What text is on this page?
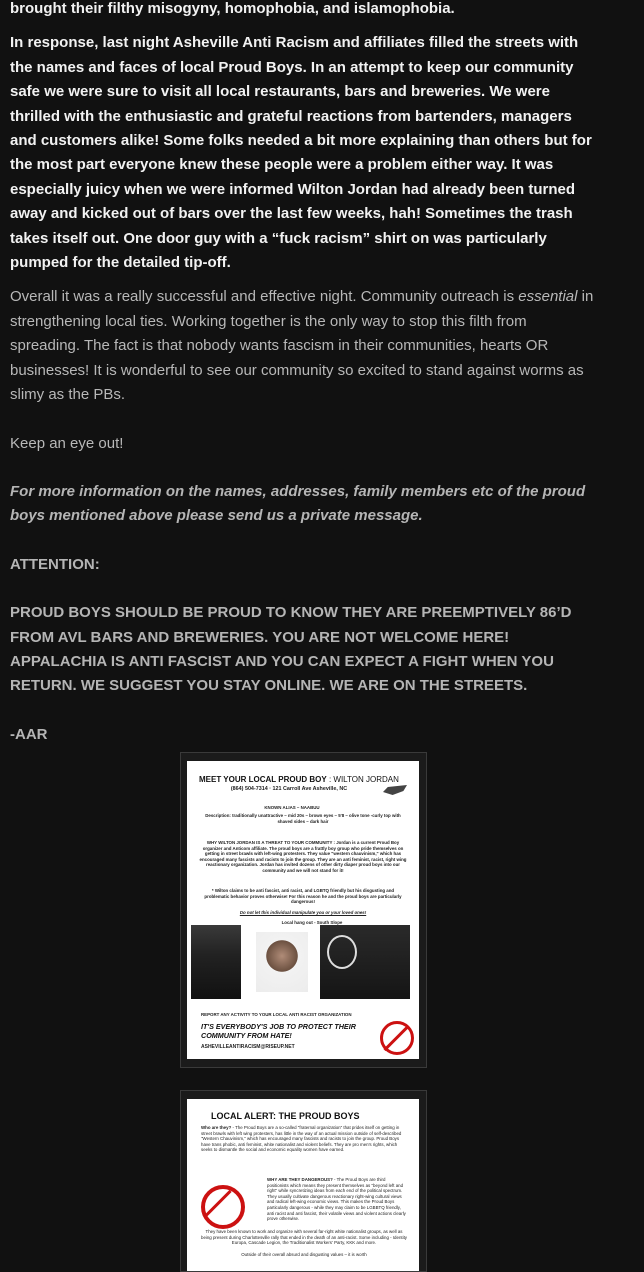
brought their filthy misogyny, homophobia, and islamophobia.

In response, last night Asheville Anti Racism and affiliates filled the streets with the names and faces of local Proud Boys. In an attempt to keep our community safe we were sure to visit all local restaurants, bars and breweries. We were thrilled with the enthusiastic and grateful reactions from bartenders, managers and customers alike! Some folks needed a bit more explaining than others but for the most part everyone knew these people were a problem either way. It was especially juicy when we were informed Wilton Jordan had already been turned away and kicked out of bars over the last few weeks, hah! Sometimes the trash takes itself out. One door guy with a “fuck racism” shirt on was particularly pumped for the detailed tip-off.

Overall it was a really successful and effective night. Community outreach is essential in strengthening local ties. Working together is the only way to stop this filth from spreading. The fact is that nobody wants fascism in their communities, hearts OR businesses! It is wonderful to see our community so excited to stand against worms as slimy as the PBs.

Keep an eye out!

For more information on the names, addresses, family members etc of the proud boys mentioned above please send us a private message.

ATTENTION:

PROUD BOYS SHOULD BE PROUD TO KNOW THEY ARE PREEMPTIVELY 86’D FROM AVL BARS AND BREWERIES. YOU ARE NOT WELCOME HERE! APPALACHIA IS ANTI FASCIST AND YOU CAN EXPECT A FIGHT WHEN YOU RETURN. WE SUGGEST YOU STAY ONLINE. WE ARE ON THE STREETS.

-AAR

MEET YOUR LOCAL PROUD BOY : WILTON JORDAN
(864) 504-7314 · 121 Carroll Ave Asheville, NC
KNOWN ALIAS – NAABUU
Description: traditionally unattractive – mid 20s – brown eyes – 5'8 – olive tone -curly top with shaved sides – dark hair
WHY WILTON JORDAN IS A THREAT TO YOUR COMMUNITY : Jordan is a current Proud Boy organizer and Anticom affiliate. The proud boys are a frattly boy group who pride themselves on getting in street brawls with left-wing protesters. They value "western chauvinism," which has encouraged many fascists and racists to join the group. They are an anti feminist, racist, right wing reactionary organization. Jordan has invited dozens of other dirty diaper proud boys into our community and we will not stand for it!
* Wilton claims to be anti fascist, anti racist, and LGBTQ friendly but his disgusting and problematic behavior proves otherwise! For this reason he and the proud boys are particularly dangerous!
Do not let this individual manipulate you or your loved ones!
Local hang out - South Slope
REPORT ANY ACTIVITY TO YOUR LOCAL ANTI RACIST ORGANIZATION
IT'S EVERYBODY'S JOB TO PROTECT THEIR COMMUNITY FROM HATE!
ASHEVILLEANTIRACISM@RISEUP.NET
LOCAL ALERT: THE PROUD BOYS
Who are they? - The Proud Boys are a so-called "fraternal organization" that prides itself on getting in street brawls with left wing protesters, has little in the way of an actual mission outside of self-described "Western Chauvinism," which has encouraged many fascists and racists to join the group. Proud Boys have trans phobic, anti feminist, white nationalist and violent beliefs. They are pro men's rights, which seeks to dismantle the social and economic equality women have earned.
WHY ARE THEY DANGEROUS? - The Proud Boys are third positionists which means they present themselves as "beyond left and right" while syncretizing ideas from each end of the political spectrum. They usually cultivate dangerous reactionary right-wing cultural views and radical left-wing economic views. This makes the Proud Boys particularly dangerous - while they may claim to be LGBBTQ friendly, anti racist and anti fascist, their volatile views and violent actions clearly prove otherwise.
They have been known to work and organize with several far-right white nationalist groups, as well as being present during Charlottesville rally that ended in the death of an anti-racist. Some including - Identity Europa, Cascade Legion, the Traditionalist Workers' Party, KKK and more.
Outside of their overall absurd and disgusting values – it is worth
